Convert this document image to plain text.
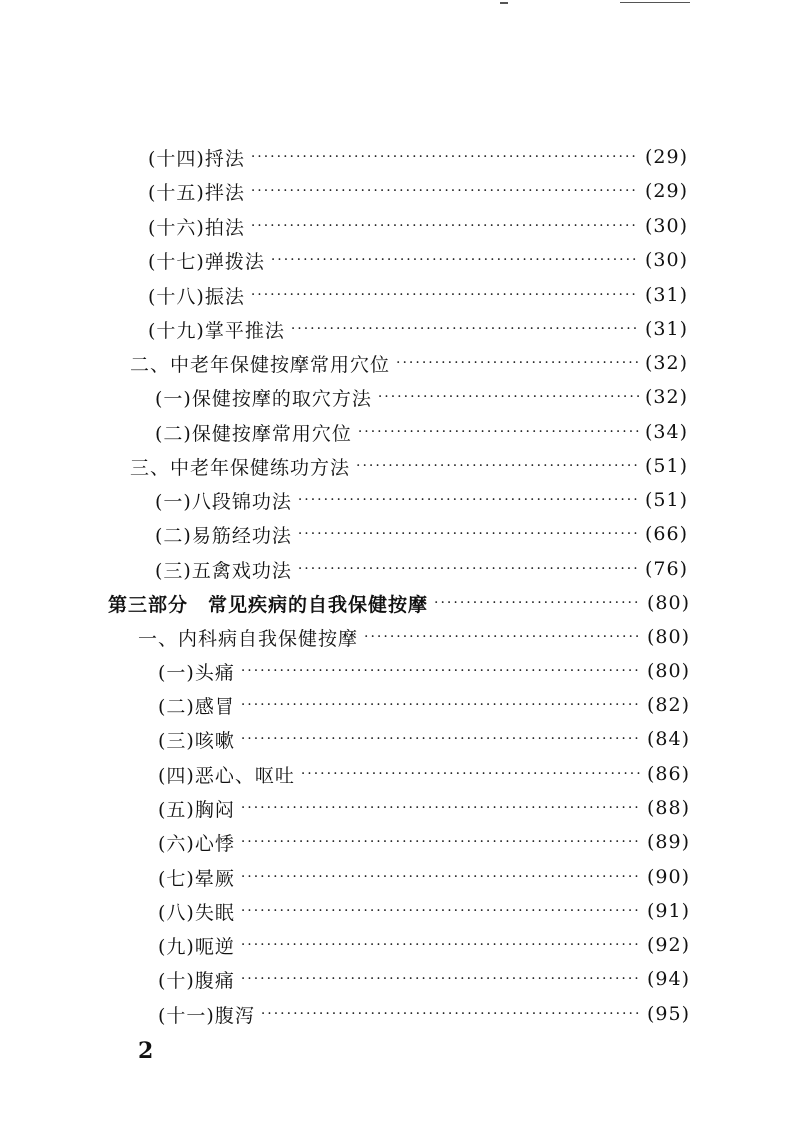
(十四)捋法 ·····	(29)
(十五)拌法 ·····	(29)
(十六)拍法 ·····	(30)
(十七)弹拨法 ·····	(30)
(十八)振法 ·····	(31)
(十九)掌平推法 ·····	(31)
二、中老年保健按摩常用穴位 ·····	(32)
(一)保健按摩的取穴方法 ·····	(32)
(二)保健按摩常用穴位 ·····	(34)
三、中老年保健练功方法 ·····	(51)
(一)八段锦功法 ·····	(51)
(二)易筋经功法 ·····	(66)
(三)五禽戏功法 ·····	(76)
第三部分　常见疾病的自我保健按摩 ·····	(80)
一、内科病自我保健按摩 ·····	(80)
(一)头痛 ·····	(80)
(二)感冒 ·····	(82)
(三)咳嗽 ·····	(84)
(四)恶心、呕吐 ·····	(86)
(五)胸闷 ·····	(88)
(六)心悸 ·····	(89)
(七)晕厥 ·····	(90)
(八)失眠 ·····	(91)
(九)呃逆 ·····	(92)
(十)腹痛 ·····	(94)
(十一)腹泻 ·····	(95)
2
